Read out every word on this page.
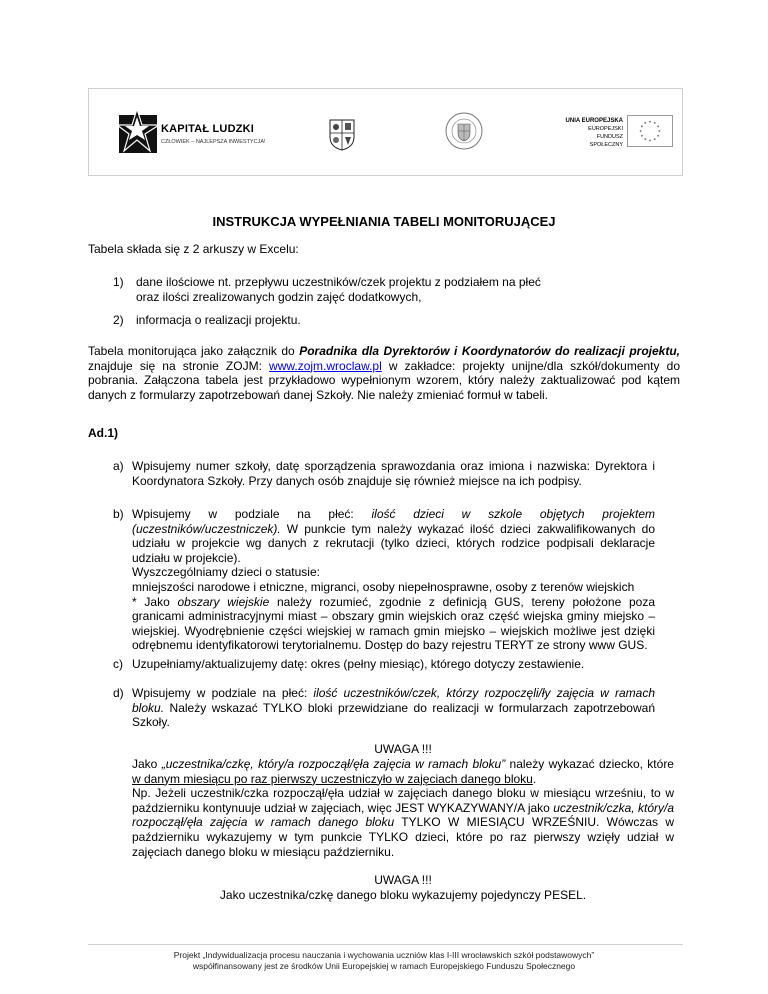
KAPITAŁ LUDZKI
CZŁOWIEK – NAJLEPSZA INWESTYCJA!
UNIA EUROPEJSKA
EUROPEJSKI
FUNDUSZ SPOŁECZNY
INSTRUKCJA WYPEŁNIANIA TABELI MONITORUJĄCEJ

Tabela składa się z 2 arkuszy w Excelu:

1) dane ilościowe nt. przepływu uczestników/czek projektu z podziałem na płeć
oraz ilości zrealizowanych godzin zajęć dodatkowych,
2) informacja o realizacji projektu.

Tabela monitorująca jako załącznik do Poradnika dla Dyrektorów i Koordynatorów do realizacji projektu, znajduje się na stronie ZOJM: www.zojm.wroclaw.pl w zakładce: projekty unijne/dla szkół/dokumenty do pobrania. Załączona tabela jest przykładowo wypełnionym wzorem, który należy zaktualizować pod kątem danych z formularzy zapotrzebowań danej Szkoły. Nie należy zmieniać formuł w tabeli.

Ad.1)

a) Wpisujemy numer szkoły, datę sporządzenia sprawozdania oraz imiona i nazwiska: Dyrektora i Koordynatora Szkoły. Przy danych osób znajduje się również miejsce na ich podpisy.
b) Wpisujemy w podziale na płeć: ilość dzieci w szkole objętych projektem (uczestników/uczestniczek). W punkcie tym należy wykazać ilość dzieci zakwalifikowanych do udziału w projekcie wg danych z rekrutacji (tylko dzieci, których rodzice podpisali deklaracje udziału w projekcie).
Wyszczególniamy dzieci o statusie:
mniejszości narodowe i etniczne, migranci, osoby niepełnosprawne, osoby z terenów wiejskich
* Jako obszary wiejskie należy rozumieć, zgodnie z definicją GUS, tereny położone poza granicami administracyjnymi miast – obszary gmin wiejskich oraz część wiejska gminy miejsko – wiejskiej. Wyodrębnienie części wiejskiej w ramach gmin miejsko – wiejskich możliwe jest dzięki odrębnemu identyfikatorowi terytorialnemu. Dostęp do bazy rejestru TERYT ze strony www GUS.
c) Uzupełniamy/aktualizujemy datę: okres (pełny miesiąc), którego dotyczy zestawienie.
d) Wpisujemy w podziale na płeć: ilość uczestników/czek, którzy rozpoczęli/ły zajęcia w ramach bloku. Należy wskazać TYLKO bloki przewidziane do realizacji w formularzach zapotrzebowań Szkoły.

UWAGA !!!

Jako „uczestnika/czkę, który/a rozpoczął/ęła zajęcia w ramach bloku” należy wykazać dziecko, które w danym miesiącu po raz pierwszy uczestniczyło w zajęciach danego bloku.
Np. Jeżeli uczestnik/czka rozpoczął/ęła udział w zajęciach danego bloku w miesiącu wrześniu, to w październiku kontynuuje udział w zajęciach, więc JEST WYKAZYWANY/A jako uczestnik/czka, który/a rozpoczął/ęła zajęcia w ramach danego bloku TYLKO W MIESIĄCU WRZEŚNIU. Wówczas w październiku wykazujemy w tym punkcie TYLKO dzieci, które po raz pierwszy wzięły udział w zajęciach danego bloku w miesiącu październiku.

UWAGA !!!

Jako uczestnika/czkę danego bloku wykazujemy pojedynczy PESEL.

Projekt „Indywidualizacja procesu nauczania i wychowania uczniów klas I-III wrocławskich szkół podstawowych”
współfinansowany jest ze środków Unii Europejskiej w ramach Europejskiego Funduszu Społecznego
